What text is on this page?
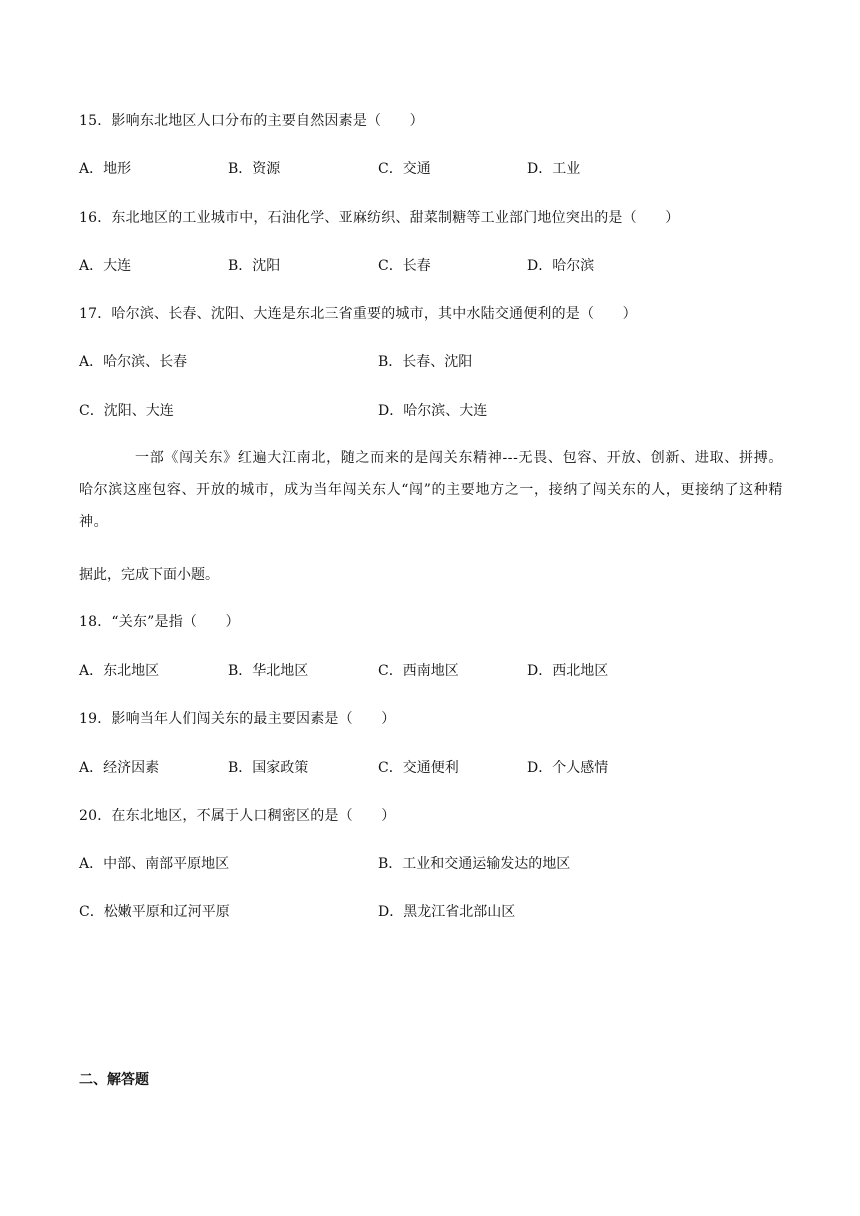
15．影响东北地区人口分布的主要自然因素是（　　）
A．地形	B．资源	C．交通	D．工业
16．东北地区的工业城市中，石油化学、亚麻纺织、甜菜制糖等工业部门地位突出的是（　　）
A．大连	B．沈阳	C．长春	D．哈尔滨
17．哈尔滨、长春、沈阳、大连是东北三省重要的城市，其中水陆交通便利的是（　　）
A．哈尔滨、长春	B．长春、沈阳
C．沈阳、大连	D．哈尔滨、大连
一部《闯关东》红遍大江南北，随之而来的是闯关东精神---无畏、包容、开放、创新、进取、拼搏。哈尔滨这座包容、开放的城市，成为当年闯关东人“闯”的主要地方之一，接纳了闯关东的人，更接纳了这种精神。
据此，完成下面小题。
18．“关东”是指（　　）
A．东北地区	B．华北地区	C．西南地区	D．西北地区
19．影响当年人们闯关东的最主要因素是（　　）
A．经济因素	B．国家政策	C．交通便利	D．个人感情
20．在东北地区，不属于人口稠密区的是（　　）
A．中部、南部平原地区	B．工业和交通运输发达的地区
C．松嫩平原和辽河平原	D．黑龙江省北部山区
二、解答题
